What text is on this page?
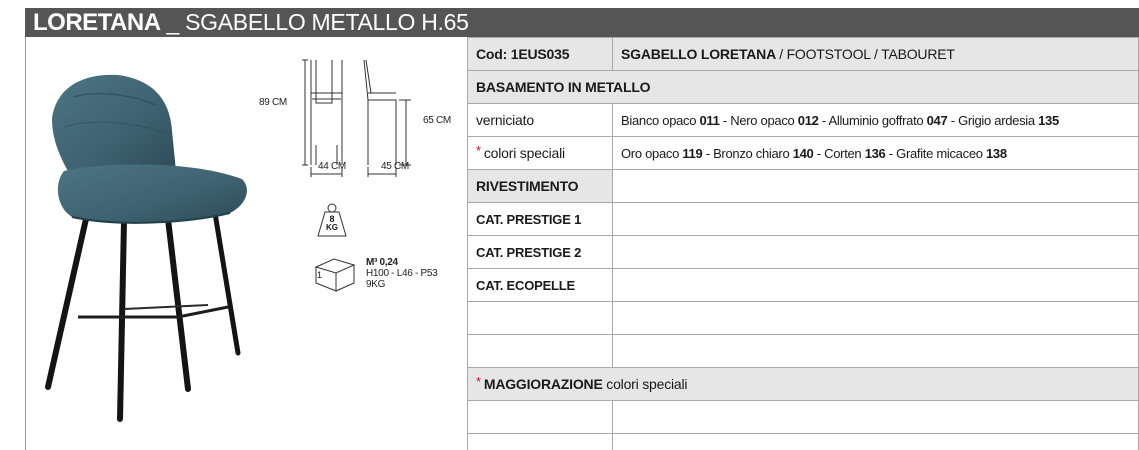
LORETANA _ SGABELLO METALLO H.65
89 CM
65 CM
44 CM	45 CM
8
KG
1
M³ 0,24
H100 - L46 - P53
9KG
Cod: 1EUS035	SGABELLO LORETANA / FOOTSTOOL / TABOURET
BASAMENTO IN METALLO	
verniciato	Bianco opaco 011 - Nero opaco 012 - Alluminio goffrato 047 - Grigio ardesia 135
* colori speciali	Oro opaco 119 - Bronzo chiaro 140 - Corten 136 - Grafite micaceo 138
RIVESTIMENTO	
CAT. PRESTIGE 1	
CAT. PRESTIGE 2	
CAT. ECOPELLE	

* MAGGIORAZIONE colori speciali	
